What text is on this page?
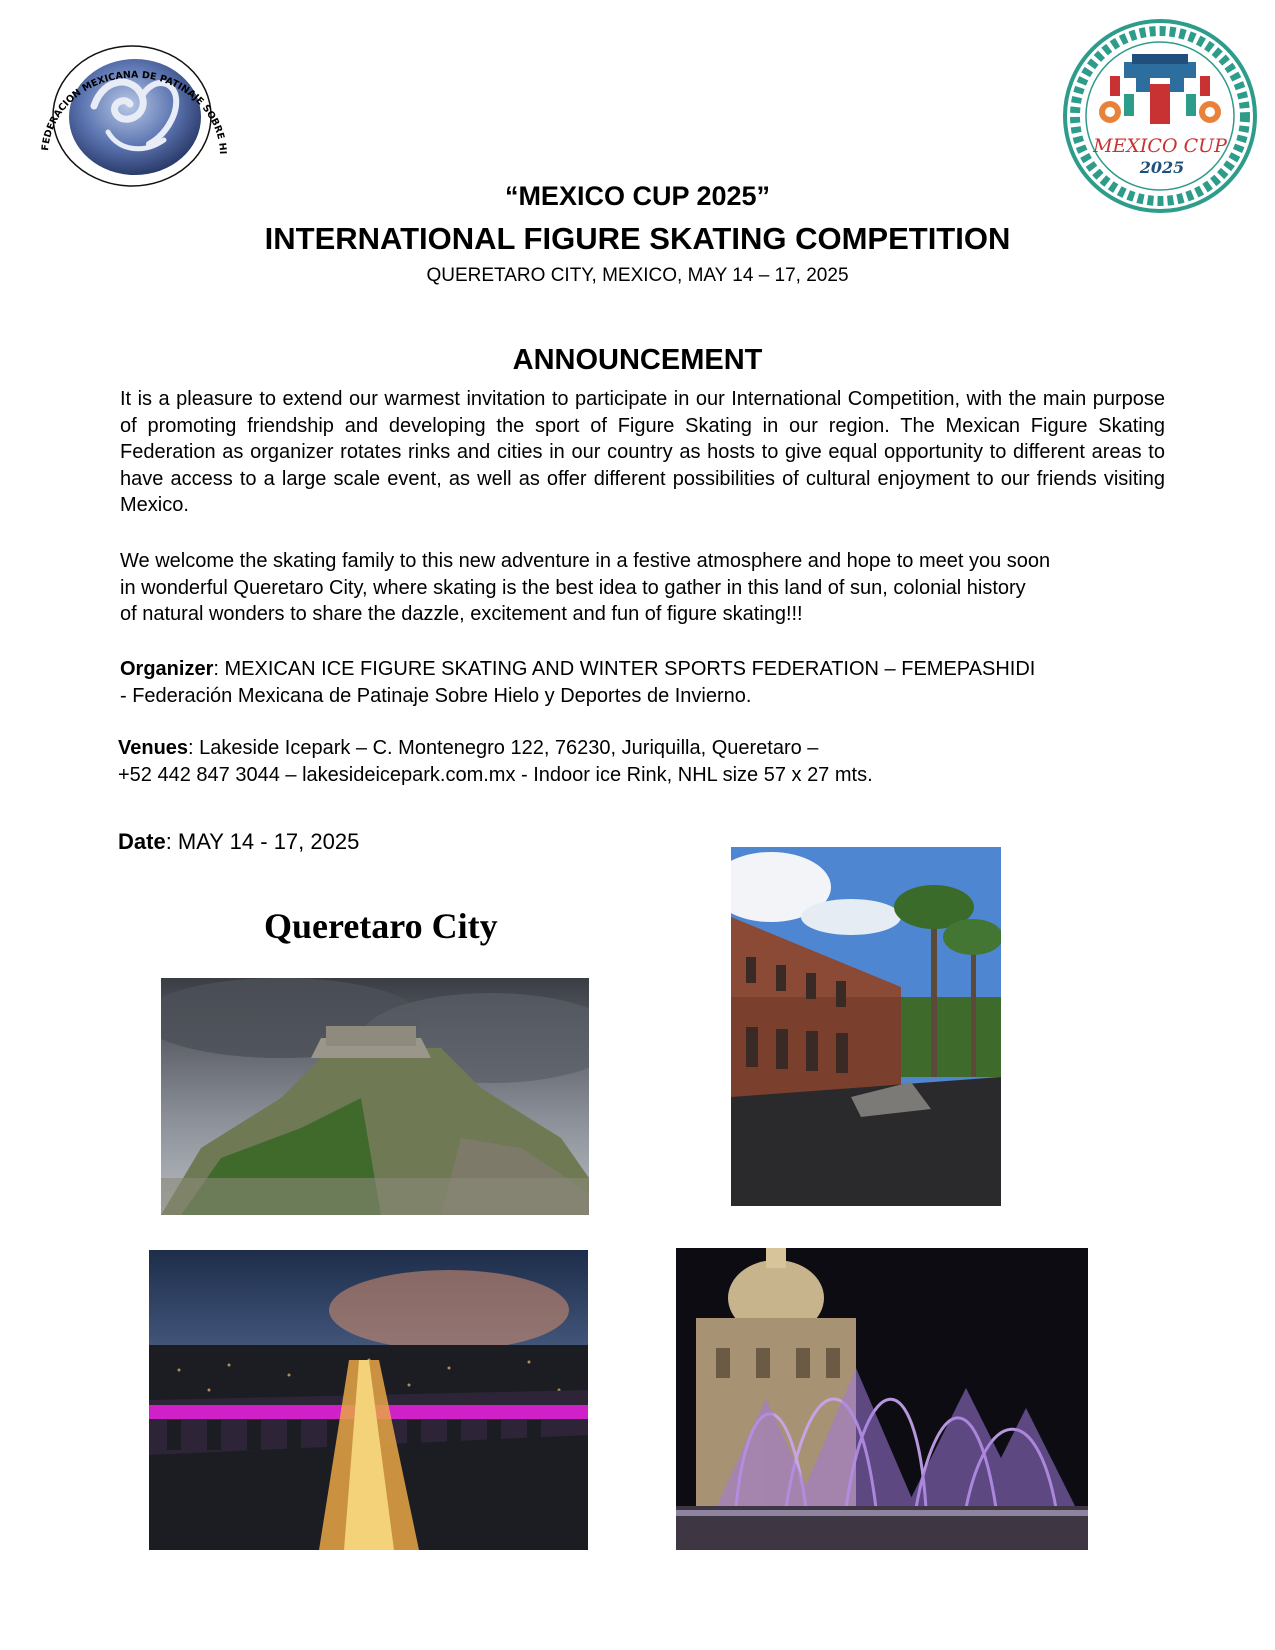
FEDERACION MEXICANA DE PATINAJE SOBRE HI	MEXICO CUP
2025
“MEXICO CUP 2025”
INTERNATIONAL FIGURE SKATING COMPETITION
QUERETARO CITY, MEXICO, MAY 14 – 17, 2025
ANNOUNCEMENT
It is a pleasure to extend our warmest invitation to participate in our International Competition, with the main purpose of promoting friendship and developing the sport of Figure Skating in our region. The Mexican Figure Skating Federation as organizer rotates rinks and cities in our country as hosts to give equal opportunity to different areas to have access to a large scale event, as well as offer different possibilities of cultural enjoyment to our friends visiting Mexico.
We welcome the skating family to this new adventure in a festive atmosphere and hope to meet you soon
in wonderful Queretaro City, where skating is the best idea to gather in this land of sun, colonial history
of natural wonders to share the dazzle, excitement and fun of figure skating!!!
Organizer: MEXICAN ICE FIGURE SKATING AND WINTER SPORTS FEDERATION – FEMEPASHIDI
- Federación Mexicana de Patinaje Sobre Hielo y Deportes de Invierno.
Venues: Lakeside Icepark – C. Montenegro 122, 76230, Juriquilla, Queretaro –
+52 442 847 3044 – lakesideicepark.com.mx - Indoor ice Rink, NHL size 57 x 27 mts.
Date: MAY 14 - 17, 2025
Queretaro City
